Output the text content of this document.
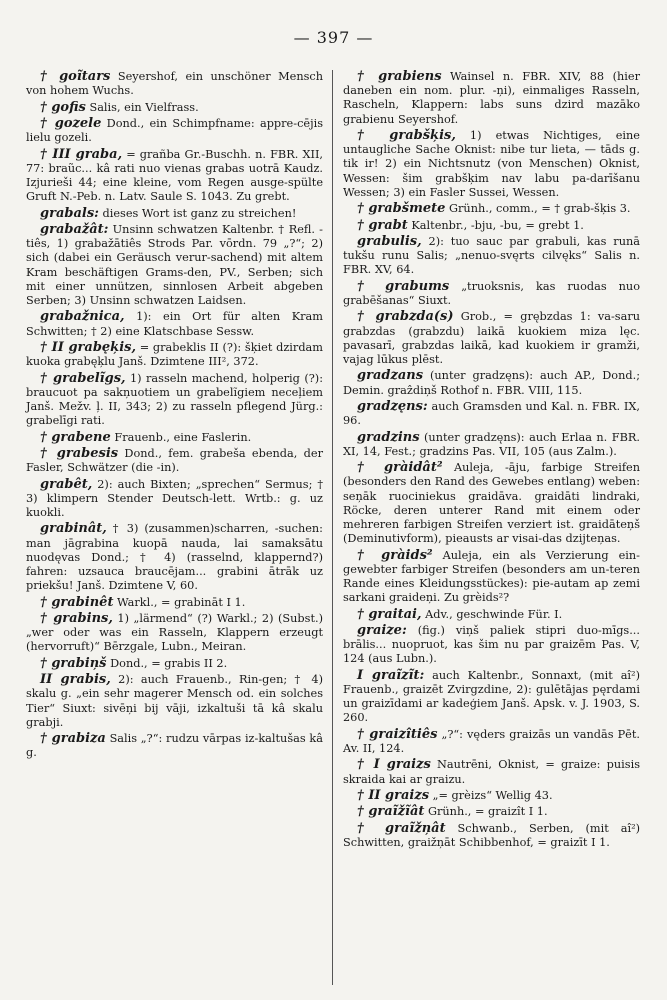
— 397 —

† goĩtars Seyershof, ein unschöner Mensch von hohem Wuchs.

† gofis Salis, ein Vielfrass.

† gozele Dond., ein Schimpfname: appre-cējis lielu gozeli.

† III graba, = grañba Gr.-Buschh. n. FBR. XII, 77: braũc... kâ rati nuo vienas grabas uotrā Kaudz. Izjurieši 44; eine kleine, vom Regen ausge-spülte Gruft N.-Peb. n. Latv. Saule S. 1043. Zu grebt.

grabals: dieses Wort ist ganz zu streichen!

grabažât: Unsinn schwatzen Kaltenbr. † Refl. -tiês, 1) grabažātiês Strods Par. vōrdn. 79 „?“; 2) sich (dabei ein Geräusch verur-sachend) mit altem Kram beschäftigen Grams-den, PV., Serben; sich mit einer unnützen, sinnlosen Arbeit abgeben Serben; 3) Unsinn schwatzen Laidsen.

grabažnica, 1): ein Ort für alten Kram Schwitten; † 2) eine Klatschbase Sessw.

† II grabęķis, = grabeklis II (?): šķiet dzirdam kuoka grabęķlu Janš. Dzimtene III², 372.

† grabelĩgs, 1) rasseln machend, holperig (?): braucuot pa sakņuotiem un grabelĩgiem neceļiem Janš. Mežv. ļ. II, 343; 2) zu rasseln pflegend Jürg.: grabelīgi rati.

† grabene Frauenb., eine Faslerin.

† grabesis Dond., fem. grabeša ebenda, der Fasler, Schwätzer (die -in).

grabêt, 2): auch Bixten; „sprechen“ Sermus; † 3) klimpern Stender Deutsch-lett. Wrtb.: g. uz kuokli.

grabinât, † 3) (zusammen)scharren, -suchen: man jāgrabina kuopā nauda, lai samaksātu nuodęvas Dond.; † 4) (rasselnd, klappernd?) fahren: uzsauca braucējam... grabini ātrāk uz priekšu! Janš. Dzimtene V, 60.

† grabinêt Warkl., = grabināt I 1.

† grabins, 1) „lärmend“ (?) Warkl.; 2) (Subst.) „wer oder was ein Rasseln, Klappern erzeugt (hervorruft)“ Bērzgale, Lubn., Meiran.

† grabiņš Dond., = grabis II 2.

II grabis, 2): auch Frauenb., Rin-gen; † 4) skalu g. „ein sehr magerer Mensch od. ein solches Tier“ Siuxt: sivēņi bij vāji, izkaltuši tā kâ skalu grabji.

† grabiza Salis „?“: rudzu vārpas iz-kaltušas kâ g.

† grabiens Wainsel n. FBR. XIV, 88 (hier daneben ein nom. plur. -ņi), einmaliges Rasseln, Rascheln, Klappern: labs suns dzird mazāko grabienu Seyershof.

† grabšķis, 1) etwas Nichtiges, eine untaugliche Sache Oknist: nibe tur lieta, — tāds g. tik ir! 2) ein Nichtsnutz (von Menschen) Oknist, Wessen: šim grabšķim nav labu pa-darīšanu Wessen; 3) ein Fasler Sussei, Wessen.

† grabšmete Grünh., comm., = † grab-šķis 3.

† grabt Kaltenbr., -bju, -bu, = grebt 1.

grabulis, 2): tuo sauc par grabuli, kas runā tukšu runu Salis; „nenuo-svęrts cilvęks“ Salis n. FBR. XV, 64.

† grabums „truoksnis, kas ruodas nuo grabēšanas“ Siuxt.

† grabzda(s) Grob., = grębzdas 1: va-saru grabzdas (grabzdu) laikā kuokiem miza lęc. pavasarī, grabzdas laikā, kad kuokiem ir gramži, vajag lūkus plēst.

gradzans (unter gradzęns): auch AP., Dond.; Demin. graẑdiņš Rothof n. FBR. VIII, 115.

gradzęns: auch Gramsden und Kal. n. FBR. IX, 96.

gradzins (unter gradzęns): auch Erlaa n. FBR. XI, 14, Fest.; gradzins Pas. VII, 105 (aus Zalm.).

† gràidât² Auleja, -āju, farbige Streifen (besonders den Rand des Gewebes entlang) weben: seņāk ruociniekus graidāva. graidāti lindraki, Röcke, deren unterer Rand mit einem oder mehreren farbigen Streifen verziert ist. graidāteņš (Deminutivform), pieausts ar visai-das dzijteņas.

† gràids² Auleja, ein als Verzierung ein-gewebter farbiger Streifen (besonders am un-teren Rande eines Kleidungsstückes): pie-autam ap zemi sarkani graideņi. Zu grèids²?

† graitai, Adv., geschwinde Für. I.

graize: (fig.) viņš paliek stipri duo-mīgs... brālis... nuopruot, kas šim nu par graizēm Pas. V, 124 (aus Lubn.).

I graĩzĩt: auch Kaltenbr., Sonnaxt, (mit aî²) Frauenb., graizēt Zvirgzdine, 2): gulētājas pęrdami un graizīdami ar kadeģiem Janš. Apsk. v. J. 1903, S. 260.

† graizîtiês „?“: vęders graizās un vandās Pēt. Av. II, 124.

† I graizs Nautrēni, Oknist, = graize: puisis skraida kai ar graizu.

† II graizs „= grèizs“ Wellig 43.

† graĩžĩât Grünh., = graizît I 1.

† graĩžņât Schwanb., Serben, (mit aî²) Schwitten, graižņāt Schibbenhof, = graizīt I 1.
